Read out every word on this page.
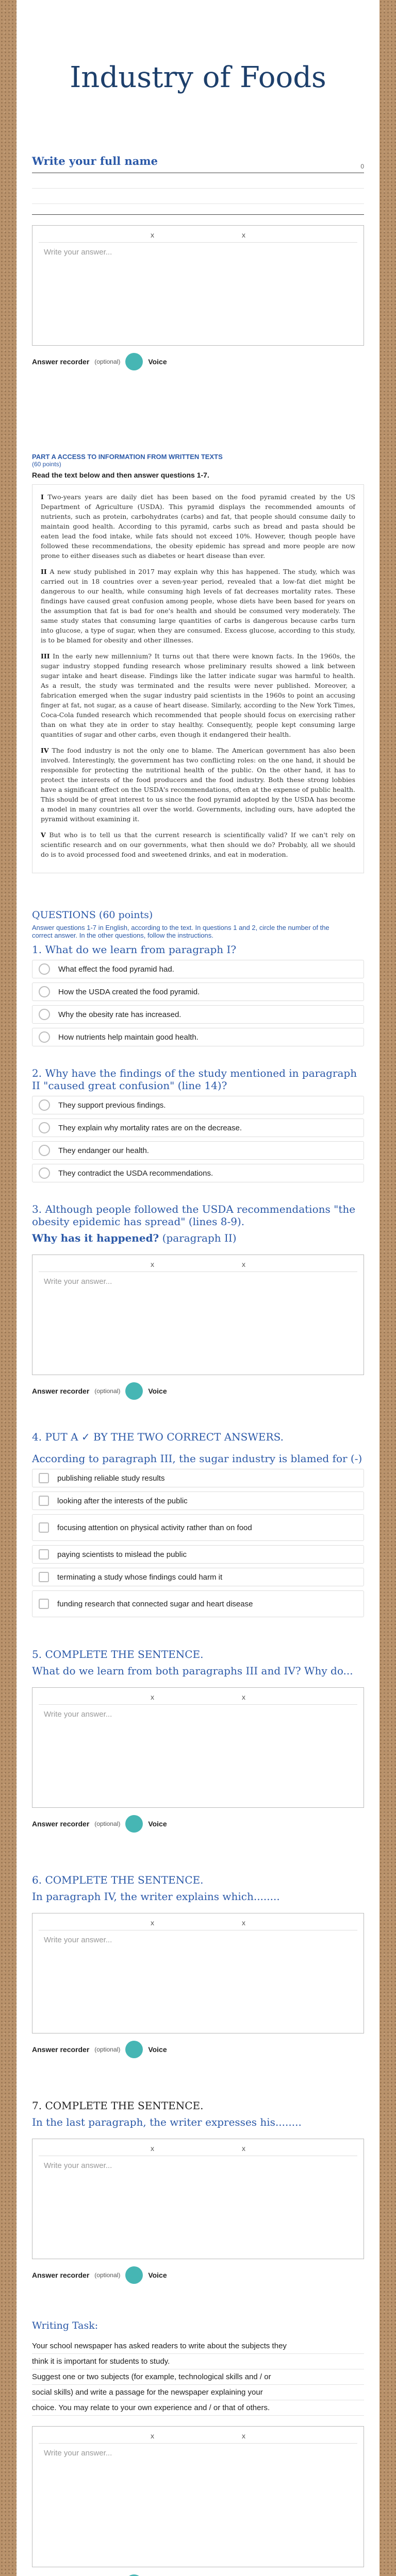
Industry of Foods
Write your full name	0
x	x
Write your answer...
Answer recorder (optional)	Voice
PART A ACCESS TO INFORMATION FROM WRITTEN TEXTS
(60 points)
Read the text below and then answer questions 1-7.

I Two-years years are daily diet has been based on the food pyramid created by the US Department of Agriculture (USDA). This pyramid displays the recommended amounts of nutrients, such as protein, carbohydrates (carbs) and fat, that people should consume daily to maintain good health. According to this pyramid, carbs such as bread and pasta should be eaten lead the food intake, while fats should not exceed 10%. However, though people have followed these recommendations, the obesity epidemic has spread and more people are now prone to either diseases such as diabetes or heart disease than ever.

II A new study published in 2017 may explain why this has happened. The study, which was carried out in 18 countries over a seven-year period, revealed that a low-fat diet might be dangerous to our health, while consuming high levels of fat decreases mortality rates. These findings have caused great confusion among people, whose diets have been based for years on the assumption that fat is bad for one's health and should be consumed very moderately. The same study states that consuming large quantities of carbs is dangerous because carbs turn into glucose, a type of sugar, when they are consumed. Excess glucose, according to this study, is to be blamed for obesity and other illnesses.

III In the early new millennium? It turns out that there were known facts. In the 1960s, the sugar industry stopped funding research whose preliminary results showed a link between sugar intake and heart disease. Findings like the latter indicate sugar was harmful to health. As a result, the study was terminated and the results were never published. Moreover, a fabrication emerged when the sugar industry paid scientists in the 1960s to point an accusing finger at fat, not sugar, as a cause of heart disease. Similarly, according to the New York Times, Coca-Cola funded research which recommended that people should focus on exercising rather than on what they ate in order to stay healthy. Consequently, people kept consuming large quantities of sugar and other carbs, even though it endangered their health.

IV The food industry is not the only one to blame. The American government has also been involved. Interestingly, the government has two conflicting roles: on the one hand, it should be responsible for protecting the nutritional health of the public. On the other hand, it has to protect the interests of the food producers and the food industry. Both these strong lobbies have a significant effect on the USDA's recommendations, often at the expense of public health. This should be of great interest to us since the food pyramid adopted by the USDA has become a model in many countries all over the world. Governments, including ours, have adopted the pyramid without examining it.

V But who is to tell us that the current research is scientifically valid? If we can't rely on scientific research and on our governments, what then should we do? Probably, all we should do is to avoid processed food and sweetened drinks, and eat in moderation.

QUESTIONS (60 points)
Answer questions 1-7 in English, according to the text. In questions 1 and 2, circle the number of the
correct answer. In the other questions, follow the instructions.
1. What do we learn from paragraph I?
What effect the food pyramid had.
How the USDA created the food pyramid.
Why the obesity rate has increased.
How nutrients help maintain good health.
2. Why have the findings of the study mentioned in paragraph II "caused great confusion" (line 14)?
They support previous findings.
They explain why mortality rates are on the decrease.
They endanger our health.
They contradict the USDA recommendations.
3. Although people followed the USDA recommendations "the obesity epidemic has spread" (lines 8-9).
Why has it happened? (paragraph II)
x	x
Write your answer...
Answer recorder (optional)	Voice
4. PUT A ✓ BY THE TWO CORRECT ANSWERS.
According to paragraph III, the sugar industry is blamed for (-)
publishing reliable study results
looking after the interests of the public
focusing attention on physical activity rather than on food
paying scientists to mislead the public
terminating a study whose findings could harm it
funding research that connected sugar and heart disease
5. COMPLETE THE SENTENCE.
What do we learn from both paragraphs III and IV? Why do...
x	x
Write your answer...
Answer recorder (optional)	Voice
6. COMPLETE THE SENTENCE.
In paragraph IV, the writer explains which........
x	x
Write your answer...
Answer recorder (optional)	Voice
7. COMPLETE THE SENTENCE.
In the last paragraph, the writer expresses his........
x	x
Write your answer...
Answer recorder (optional)	Voice
Writing Task:
Your school newspaper has asked readers to write about the subjects they
think it is important for students to study.
Suggest one or two subjects (for example, technological skills and / or
social skills) and write a passage for the newspaper explaining your
choice. You may relate to your own experience and / or that of others.
x	x
Write your answer...
